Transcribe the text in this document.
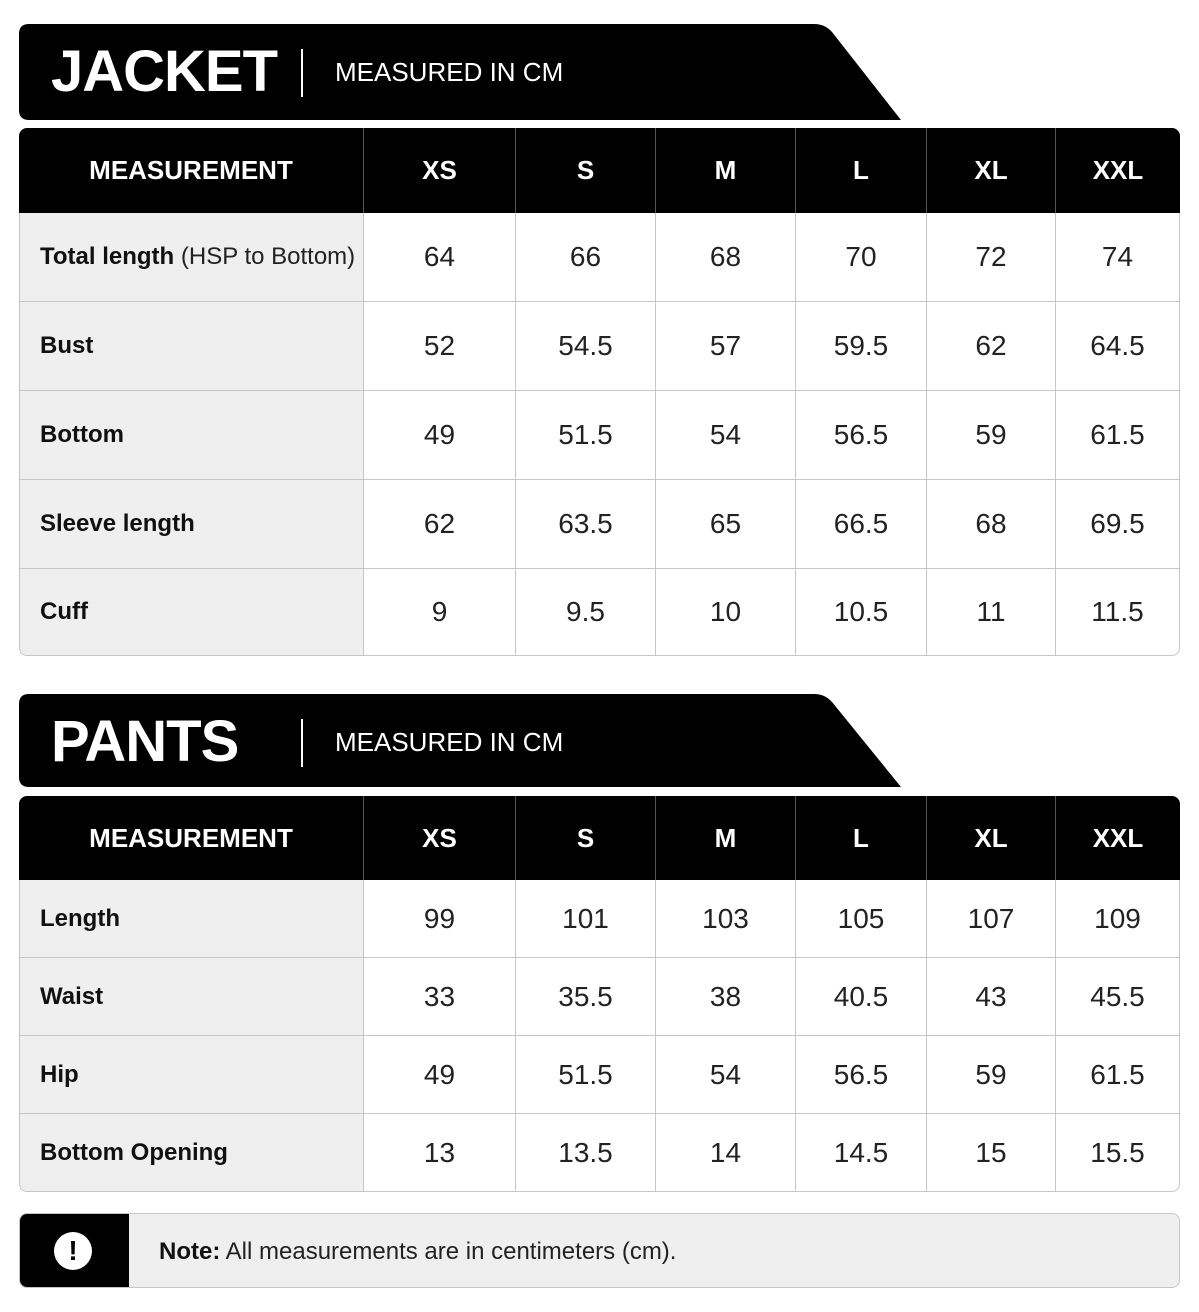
JACKET MEASURED IN CM
MEASUREMENT	XS	S	M	L	XL	XXL
Total length (HSP to Bottom)	64	66	68	70	72	74
Bust	52	54.5	57	59.5	62	64.5
Bottom	49	51.5	54	56.5	59	61.5
Sleeve length	62	63.5	65	66.5	68	69.5
Cuff	9	9.5	10	10.5	11	11.5
PANTS	MEASURED IN CM
MEASUREMENT	XS	S	M	L	XL	XXL
Length	99	101	103	105	107	109
Waist	33	35.5	38	40.5	43	45.5
Hip	49	51.5	54	56.5	59	61.5
Bottom Opening	13	13.5	14	14.5	15	15.5
!	Note: All measurements are in centimeters (cm).
